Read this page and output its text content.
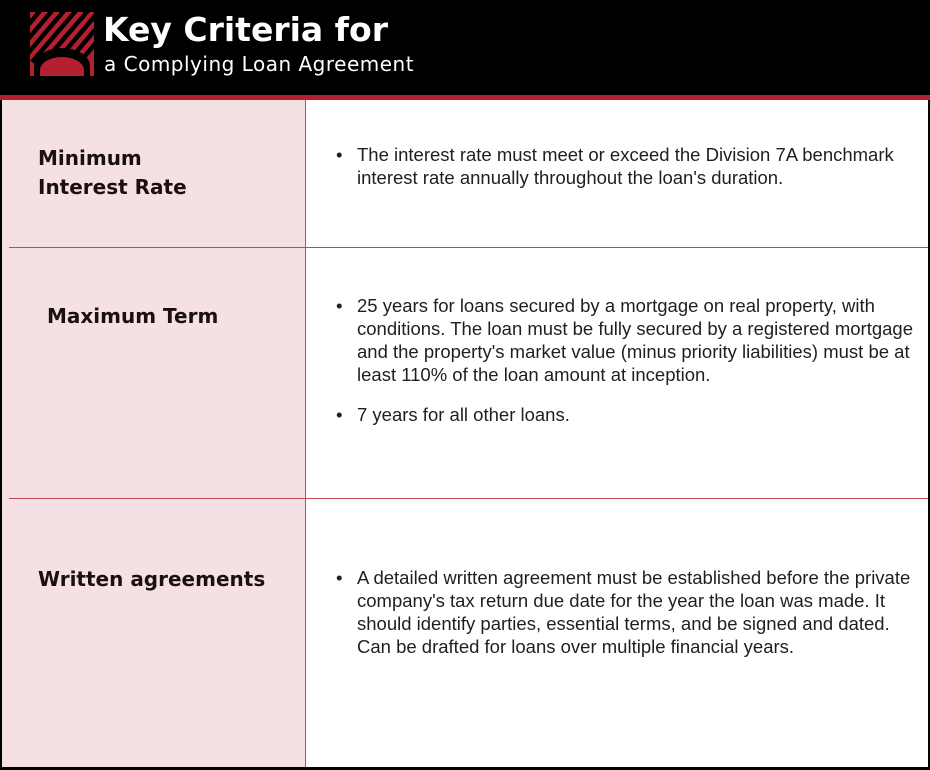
Key Criteria for
a Complying Loan Agreement
Minimum
Interest Rate
• The interest rate must meet or exceed the Division 7A benchmark interest rate annually throughout the loan's duration.
Maximum Term	• 25 years for loans secured by a mortgage on real property, with conditions. The loan must be fully secured by a registered mortgage and the property's market value (minus priority liabilities) must be at least 110% of the loan amount at inception.
• 7 years for all other loans.
Written agreements	• A detailed written agreement must be established before the private company's tax return due date for the year the loan was made. It should identify parties, essential terms, and be signed and dated. Can be drafted for loans over multiple financial years.
